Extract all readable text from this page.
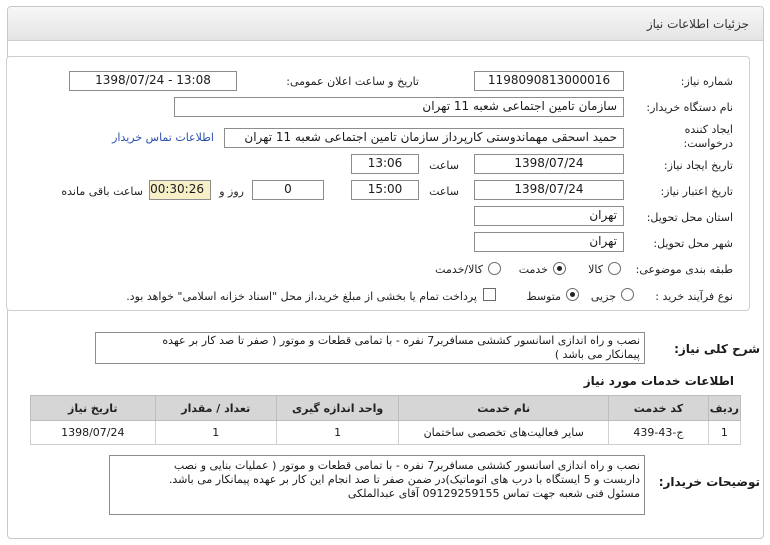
جزئیات اطلاعات نیاز

شماره نیاز:
1198090813000016
تاریخ و ساعت اعلان عمومی:
1398/07/24 - 13:08
نام دستگاه خریدار:
سازمان تامین اجتماعی شعبه 11 تهران
ایجاد کننده درخواست:
حمید اسحقی مهماندوستی کارپرداز سازمان تامین اجتماعی شعبه 11 تهران
اطلاعات تماس خریدار
تاریخ ایجاد نیاز:
1398/07/24
ساعت
13:06
تاریخ اعتبار نیاز:
1398/07/24
ساعت
15:00
0
روز و
00:30:26
ساعت باقی مانده
استان محل تحویل:
تهران
شهر محل تحویل:
تهران
طبقه بندی موضوعی:
کالا
خدمت
کالا/خدمت
نوع فرآیند خرید :
جزیی
متوسط
پرداخت تمام یا بخشی از مبلغ خرید،از محل "اسناد خزانه اسلامی" خواهد بود.
شرح کلی نیاز:
نصب و راه اندازی اسانسور کششی مسافربر7 نفره - با تمامی قطعات و موتور ( صفر تا صد کار بر عهده
پیمانکار می باشد )
اطلاعات خدمات مورد نیاز
ردیف	کد خدمت	نام خدمت	واحد اندازه گیری	تعداد / مقدار	تاریخ نیاز
1	ج-43-439	سایر فعالیت‌های تخصصی ساختمان	1	1	1398/07/24
توضیحات خریدار:
نصب و راه اندازی اسانسور کششی مسافربر7 نفره - با تمامی قطعات و موتور ( عملیات بنایی و نصب
داربست و 5 ایستگاه با درب های اتوماتیک)در ضمن صفر تا صد انجام این کار بر عهده پیمانکار می باشد.
مسئول فنی شعبه جهت تماس 09129259155 آقای عبدالملکی
